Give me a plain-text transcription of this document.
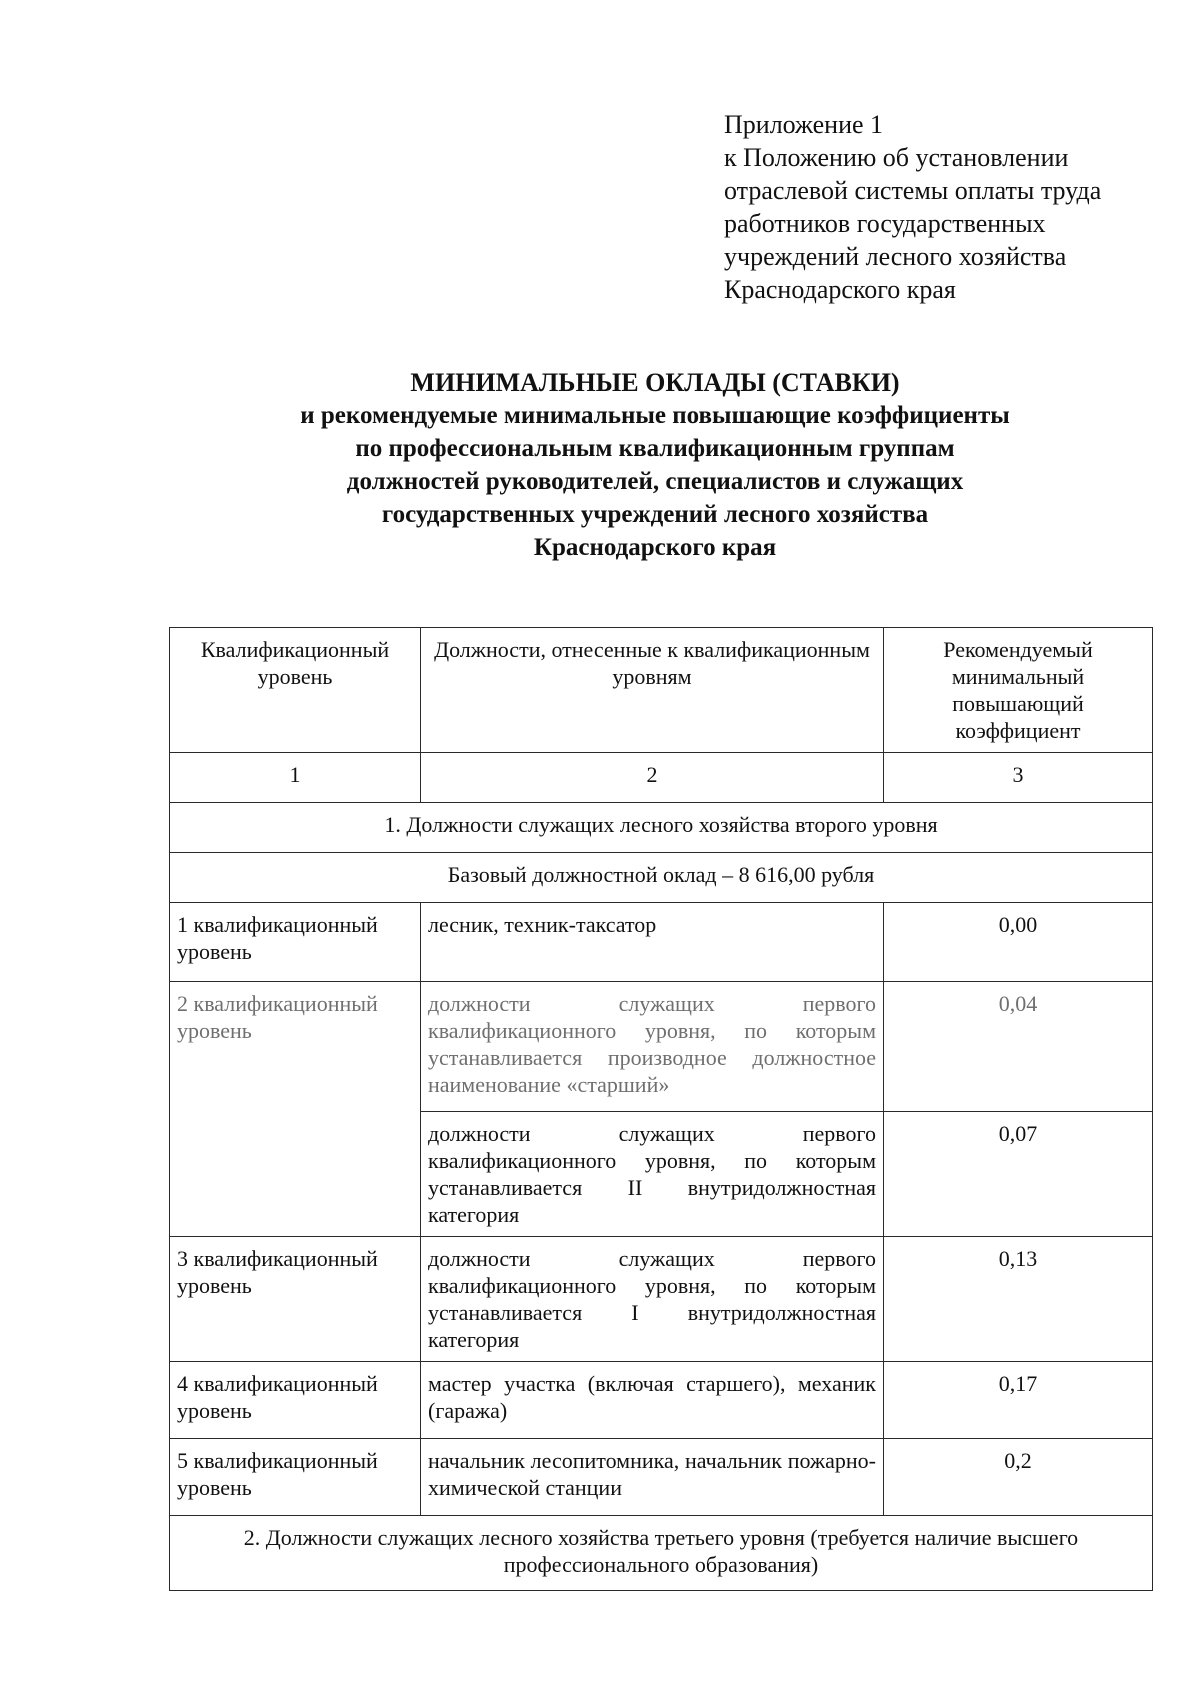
Приложение 1
к Положению об установлении
отраслевой системы оплаты труда
работников государственных
учреждений лесного хозяйства
Краснодарского края
МИНИМАЛЬНЫЕ ОКЛАДЫ (СТАВКИ)
и рекомендуемые минимальные повышающие коэффициенты
по профессиональным квалификационным группам
должностей руководителей, специалистов и служащих
государственных учреждений лесного хозяйства
Краснодарского края
Квалификационный уровень	Должности, отнесенные к квалификационным уровням	Рекомендуемый минимальный повышающий коэффициент
1	2	3
1. Должности служащих лесного хозяйства второго уровня		
Базовый должностной оклад – 8 616,00 рубля		
1 квалификационный уровень	лесник, техник-таксатор	0,00
2 квалификационный уровень	должности служащих первого квалификационного уровня, по которым устанавливается производное должностное наименование «старший»	0,04
	должности служащих первого квалификационного уровня, по которым устанавливается II внутридолжностная категория	0,07
3 квалификационный уровень	должности служащих первого квалификационного уровня, по которым устанавливается I внутридолжностная категория	0,13
4 квалификационный уровень	мастер участка (включая старшего), механик (гаража)	0,17
5 квалификационный уровень	начальник лесопитомника, начальник пожарно-химической станции	0,2
2. Должности служащих лесного хозяйства третьего уровня (требуется наличие высшего профессионального образования)		
